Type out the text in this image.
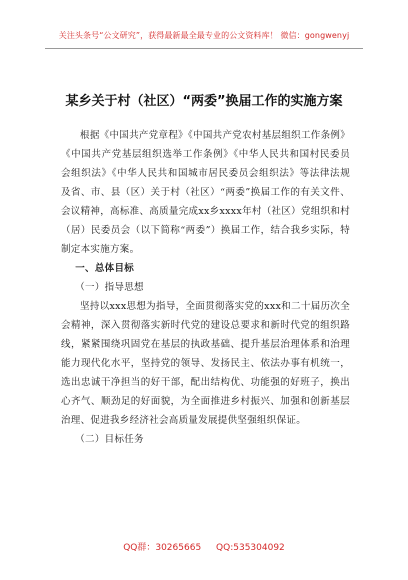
关注头条号“公文研究”，获得最新最全最专业的公文资料库！ 微信：gongwenyj
某乡关于村（社区）“两委”换届工作的实施方案

根据《中国共产党章程》《中国共产党农村基层组织工作条例》《中国共产党基层组织选举工作条例》《中华人民共和国村民委员会组织法》《中华人民共和国城市居民委员会组织法》等法律法规及省、市、县（区）关于村（社区）“两委”换届工作的有关文件、会议精神，高标准、高质量完成xx乡xxxx年村（社区）党组织和村（居）民委员会（以下简称“两委”）换届工作，结合我乡实际，特制定本实施方案。

一、总体目标

（一）指导思想

坚持以xxx思想为指导，全面贯彻落实党的xxx和二十届历次全会精神，深入贯彻落实新时代党的建设总要求和新时代党的组织路线，紧紧围绕巩固党在基层的执政基础、提升基层治理体系和治理能力现代化水平，坚持党的领导、发扬民主、依法办事有机统一，选出忠诚干净担当的好干部，配出结构优、功能强的好班子，换出心齐气、顺劲足的好面貌，为全面推进乡村振兴、加强和创新基层治理、促进我乡经济社会高质量发展提供坚强组织保证。

（二）目标任务

QQ群：30265665 QQ:535304092
